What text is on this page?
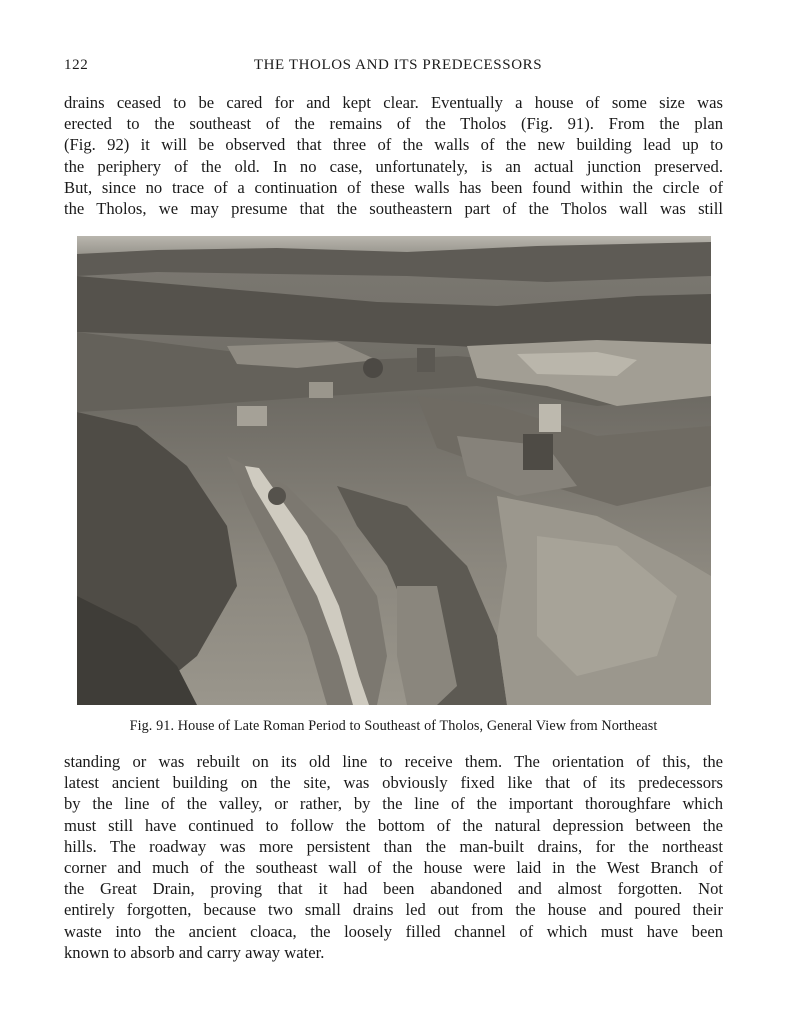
122	THE THOLOS AND ITS PREDECESSORS
drains ceased to be cared for and kept clear. Eventually a house of some size was
erected to the southeast of the remains of the Tholos (Fig. 91). From the plan
(Fig. 92) it will be observed that three of the walls of the new building lead up to
the periphery of the old. In no case, unfortunately, is an actual junction preserved.
But, since no trace of a continuation of these walls has been found within the circle of
the Tholos, we may presume that the southeastern part of the Tholos wall was still
Fig. 91. House of Late Roman Period to Southeast of Tholos, General View from Northeast
standing or was rebuilt on its old line to receive them. The orientation of this, the
latest ancient building on the site, was obviously fixed like that of its predecessors
by the line of the valley, or rather, by the line of the important thoroughfare which
must still have continued to follow the bottom of the natural depression between the
hills. The roadway was more persistent than the man-built drains, for the northeast
corner and much of the southeast wall of the house were laid in the West Branch of
the Great Drain, proving that it had been abandoned and almost forgotten. Not
entirely forgotten, because two small drains led out from the house and poured their
waste into the ancient cloaca, the loosely filled channel of which must have been
known to absorb and carry away water.
